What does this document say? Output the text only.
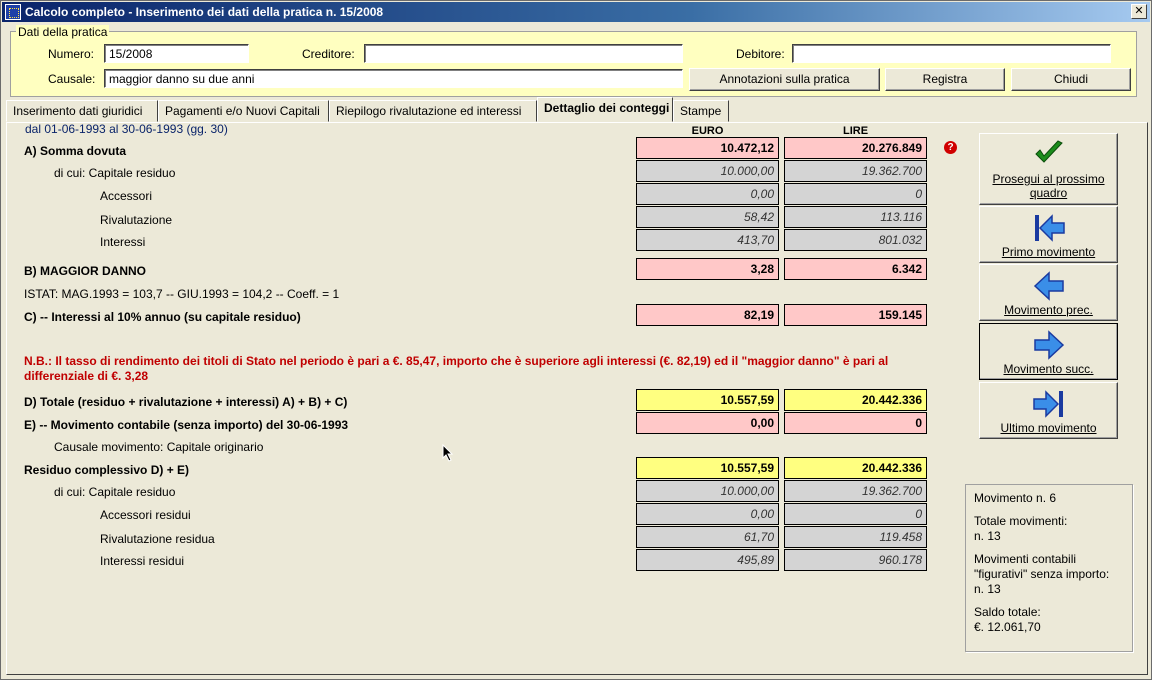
Calcolo completo - Inserimento dei dati della pratica n. 15/2008	✕
Dati della pratica
Numero:	15/2008	Creditore:	Debitore:
Causale:	maggior danno su due anni	Annotazioni sulla pratica	Registra	Chiudi
Inserimento dati giuridici	Pagamenti e/o Nuovi Capitali	Riepilogo rivalutazione ed interessi	Dettaglio dei conteggi Stampe
dal 01-06-1993 al 30-06-1993 (gg. 30)	EURO	LIRE
A) Somma dovuta	10.472,12	20.276.849	?
di cui: Capitale residuo	10.000,00	19.362.700
Accessori	0,00	0
Rivalutazione	58,42	113.116
Interessi	413,70	801.032
B) MAGGIOR DANNO	3,28	6.342
ISTAT: MAG.1993 = 103,7 -- GIU.1993 = 104,2 -- Coeff. = 1
C) -- Interessi al 10% annuo (su capitale residuo)	82,19	159.145
N.B.: Il tasso di rendimento dei titoli di Stato nel periodo è pari a €. 85,47, importo che è superiore agli interessi (€. 82,19) ed il "maggior danno" è pari al differenziale di €. 3,28
D) Totale (residuo + rivalutazione + interessi) A) + B) + C)	10.557,59	20.442.336
E) -- Movimento contabile (senza importo) del 30-06-1993	0,00	0
Causale movimento: Capitale originario
Residuo complessivo D) + E)	10.557,59	20.442.336
di cui: Capitale residuo	10.000,00	19.362.700
Accessori residui	0,00	0
Rivalutazione residua	61,70	119.458
Interessi residui	495,89	960.178
Prosegui al prossimo quadro
Primo movimento
Movimento prec.
Movimento succ.
Ultimo movimento
Movimento n. 6
Totale movimenti:
n. 13
Movimenti contabili
"figurativi" senza importo:
n. 13
Saldo totale:
€. 12.061,70
